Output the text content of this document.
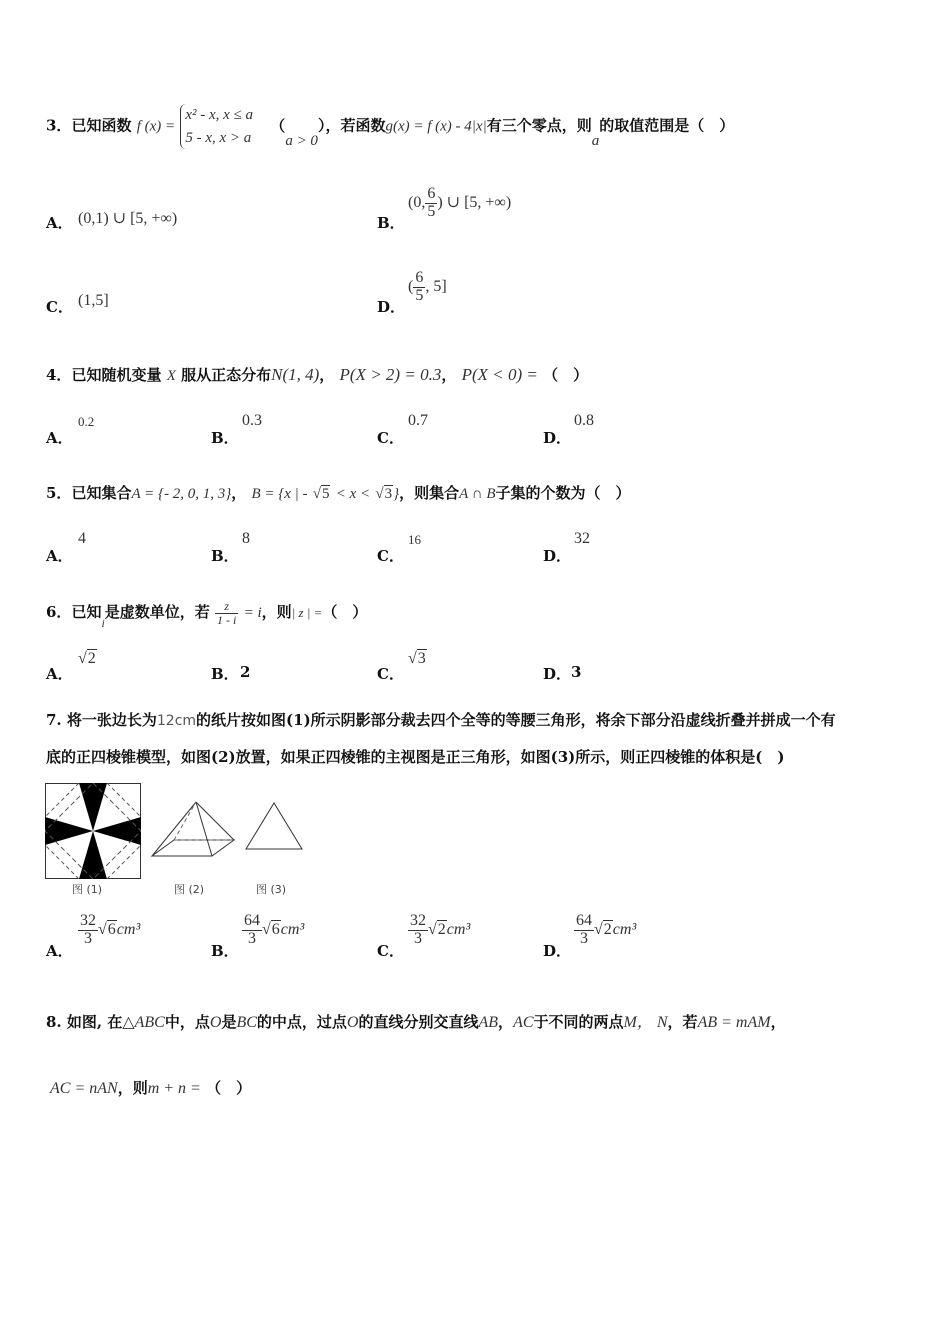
3．已知函数 f (x) =
x² - x, x ≤ a
5 - x, x > a
（a > 0），若函数g(x) = f (x) - 4|x|有三个零点，则a的取值范围是（　）
A． (0,1) ∪ [5, +∞)	B．
(0, $\frac{6}{5}$ ) ∪ [5, +∞)
C． (1,5]	D．
( $\frac{6}{5}$ , 5]
4．已知随机变量 X 服从正态分布N(1, 4)， P(X > 2) = 0.3， P(X < 0) = （　）
A．
0.2
B．
0.3
C．
0.7
D．
0.8
5．已知集合A = {- 2, 0, 1, 3}， B = {x | - √5 < x < √3}，则集合A ∩ B子集的个数为（　）
A．
4
B．
8
C．
16
D．
32
6．已知$_i$是虚数单位，若 $\frac{z}{1 - i} = i$，则| z | =（　）
A．
√2
B． 2	C．
√3
D． 3
7. 将一张边长为12cm的纸片按如图(1)所示阴影部分裁去四个全等的等腰三角形，将余下部分沿虚线折叠并拼成一个有
底的正四棱锥模型，如图(2)放置，如果正四棱锥的主视图是正三角形，如图(3)所示，则正四棱锥的体积是(　)
图 (1)	图 (2)	图 (3)
A．
$\frac{32}{3} √6cm^3$
B．
$\frac{64}{3} √6cm^3$
C．
$\frac{32}{3} √2cm^3$
D．
$\frac{64}{3} √2cm^3$
8. 如图, 在△ABC中，点O是BC的中点，过点O的直线分别交直线AB，AC于不同的两点M， N，若AB = mAM，
AC = nAN，则m + n = （　）
